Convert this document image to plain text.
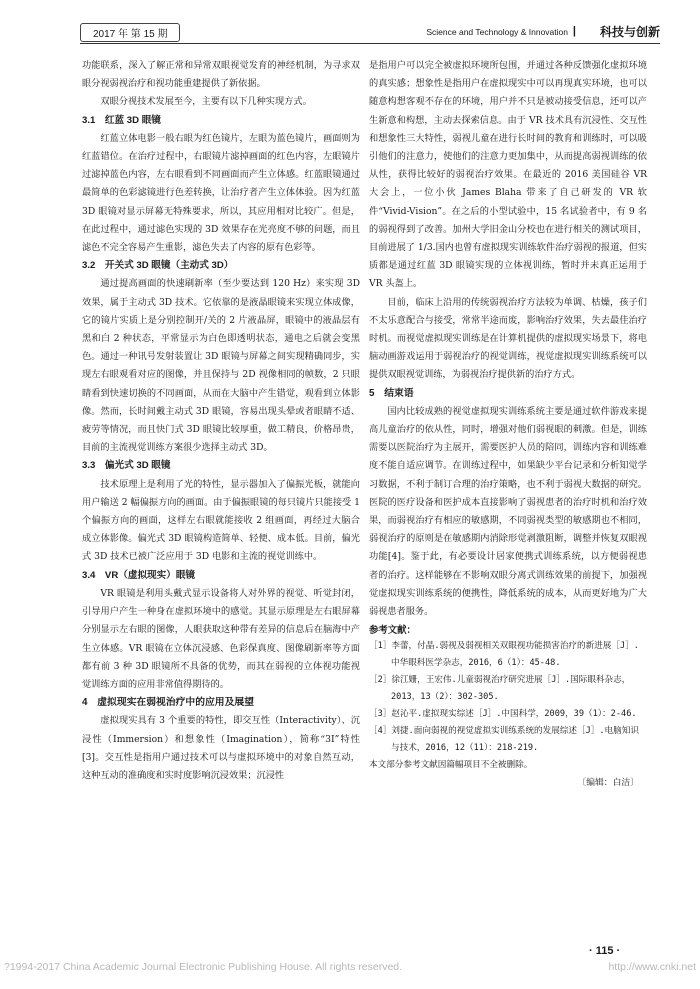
2017 年 第 15 期	Science and Technology & Innovation | 科技与创新

功能联系，深入了解正常和异常双眼视觉发育的神经机制，为寻求双眼分视弱视治疗和视功能重建提供了新依据。

双眼分视技术发展至今，主要有以下几种实现方式。

3.1　红蓝 3D 眼镜

红蓝立体电影一般右眼为红色镜片，左眼为蓝色镜片，画面则为红蓝错位。在治疗过程中，右眼镜片滤掉画面的红色内容，左眼镜片过滤掉蓝色内容，左右眼看到不同画面而产生立体感。红蓝眼镜通过最简单的色彩滤镜进行色差转换，让治疗者产生立体体验。因为红蓝 3D 眼镜对显示屏幕无特殊要求，所以，其应用相对比较广。但是，在此过程中，通过滤色实现的 3D 效果存在光亮度不够的问题，而且滤色不完全容易产生重影，滤色失去了内容的原有色彩等。

3.2　开关式 3D 眼镜（主动式 3D）

通过提高画面的快速刷新率（至少要达到 120 Hz）来实现 3D 效果，属于主动式 3D 技术。它依靠的是液晶眼镜来实现立体成像，它的镜片实质上是分别控制开/关的 2 片液晶屏，眼镜中的液晶层有黑和白 2 种状态，平常显示为白色即透明状态，通电之后就会变黑色。通过一种讯号发射装置让 3D 眼镜与屏幕之间实现精确同步，实现左右眼观看对应的图像，并且保持与 2D 视像相同的帧数，2 只眼睛看到快速切换的不同画面，从而在大脑中产生错觉，观看到立体影像。然而，长时间戴主动式 3D 眼镜，容易出现头晕或者眼睛不适、疲劳等情况，而且快门式 3D 眼镜比较厚重，做工精良，价格昂贵，目前的主流视觉训练方案很少选择主动式 3D。

3.3　偏光式 3D 眼镜

技术原理上是利用了光的特性，显示器加入了偏振光板，就能向用户输送 2 幅偏振方向的画面。由于偏振眼镜的每只镜片只能接受 1 个偏振方向的画面，这样左右眼就能接收 2 组画面，再经过大脑合成立体影像。偏光式 3D 眼镜构造简单、轻便、成本低。目前，偏光式 3D 技术已被广泛应用于 3D 电影和主流的视觉训练中。

3.4　VR（虚拟现实）眼镜

VR 眼镜是利用头戴式显示设备将人对外界的视觉、听觉封闭，引导用户产生一种身在虚拟环境中的感觉。其显示原理是左右眼屏幕分别显示左右眼的图像，人眼获取这种带有差异的信息后在脑海中产生立体感。VR 眼镜在立体沉浸感、色彩保真度、图像刷新率等方面都有前 3 种 3D 眼镜所不具备的优势，而其在弱视的立体视功能视觉训练方面的应用非常值得期待的。

4　虚拟现实在弱视治疗中的应用及展望

虚拟现实具有 3 个重要的特性，即交互性（Interactivity）、沉浸性（Immersion）和想象性（Imagination），简称“3I”特性[3]。交互性是指用户通过技术可以与虚拟环境中的对象自然互动，这种互动的准确度和实时度影响沉浸效果；沉浸性

是指用户可以完全被虚拟环境所包围，并通过各种反馈强化虚拟环境的真实感；想象性是指用户在虚拟现实中可以再现真实环境，也可以随意构想客观不存在的环境，用户并不只是被动接受信息，还可以产生新意和构想，主动去探索信息。由于 VR 技术具有沉浸性、交互性和想象性三大特性，弱视儿童在进行长时间的教育和训练时，可以吸引他们的注意力，使他们的注意力更加集中，从而提高弱视训练的依从性，获得比较好的弱视治疗效果。在最近的 2016 美国硅谷 VR 大会上，一位小伙 James Blaha 带来了自己研发的 VR 软件“Vivid-Vision”。在之后的小型试验中，15 名试验者中，有 9 名的弱视得到了改善。加州大学旧金山分校也在进行相关的测试项目，目前进展了 1/3.国内也曾有虚拟现实训练软件治疗弱视的报道，但实质都是通过红蓝 3D 眼镜实现的立体视训练，暂时并未真正运用于 VR 头盔上。

目前，临床上沿用的传统弱视治疗方法较为单调、枯燥，孩子们不太乐意配合与接受，常常半途而废，影响治疗效果，失去最佳治疗时机。而视觉虚拟现实训练是在计算机提供的虚拟现实场景下，将电脑动画游戏运用于弱视治疗的视觉训练，视觉虚拟现实训练系统可以提供双眼视觉训练，为弱视治疗提供新的治疗方式。

5　结束语

国内比较成熟的视觉虚拟现实训练系统主要是通过软件游戏来提高儿童治疗的依从性，同时，增强对他们弱视眼的刺激。但是，训练需要以医院治疗为主展开，需要医护人员的陪同，训练内容和训练难度不能自适应调节。在训练过程中，如果缺少平台记录和分析知觉学习数据，不利于制订合理的治疗策略，也不利于弱视大数据的研究。医院的医疗设备和医护成本直接影响了弱视患者的治疗时机和治疗效果，而弱视治疗有相应的敏感期，不同弱视类型的敏感期也不相同，弱视治疗的原则是在敏感期内消除形觉剥激阻断，调整并恢复双眼视功能[4]。鉴于此，有必要设计居家便携式训练系统，以方便弱视患者的治疗。这样能够在不影响双眼分离式训练效果的前提下，加强视觉虚拟现实训练系统的便携性，降低系统的成本，从而更好地为广大弱视患者服务。

参考文献：
［1］李蕾，付晶.弱视及弱视相关双眼视功能损害治疗的新进展［J］.中华眼科医学杂志，2016，6（1）：45-48.
［2］徐江姗，王宏伟.儿童弱视治疗研究进展［J］.国际眼科杂志，2013，13（2）：302-305.
［3］赵沁平.虚拟现实综述［J］.中国科学，2009，39（1）：2-46.
［4］刘捷.面向弱视的视觉虚拟实训练系统的发展综述［J］.电脑知识与技术，2016，12（11）：218-219.
本文部分参考文献因篇幅项目不全被删除。
〔编辑：白洁〕
· 115 ·
?1994-2017 China Academic Journal Electronic Publishing House. All rights reserved.	http://www.cnki.net
